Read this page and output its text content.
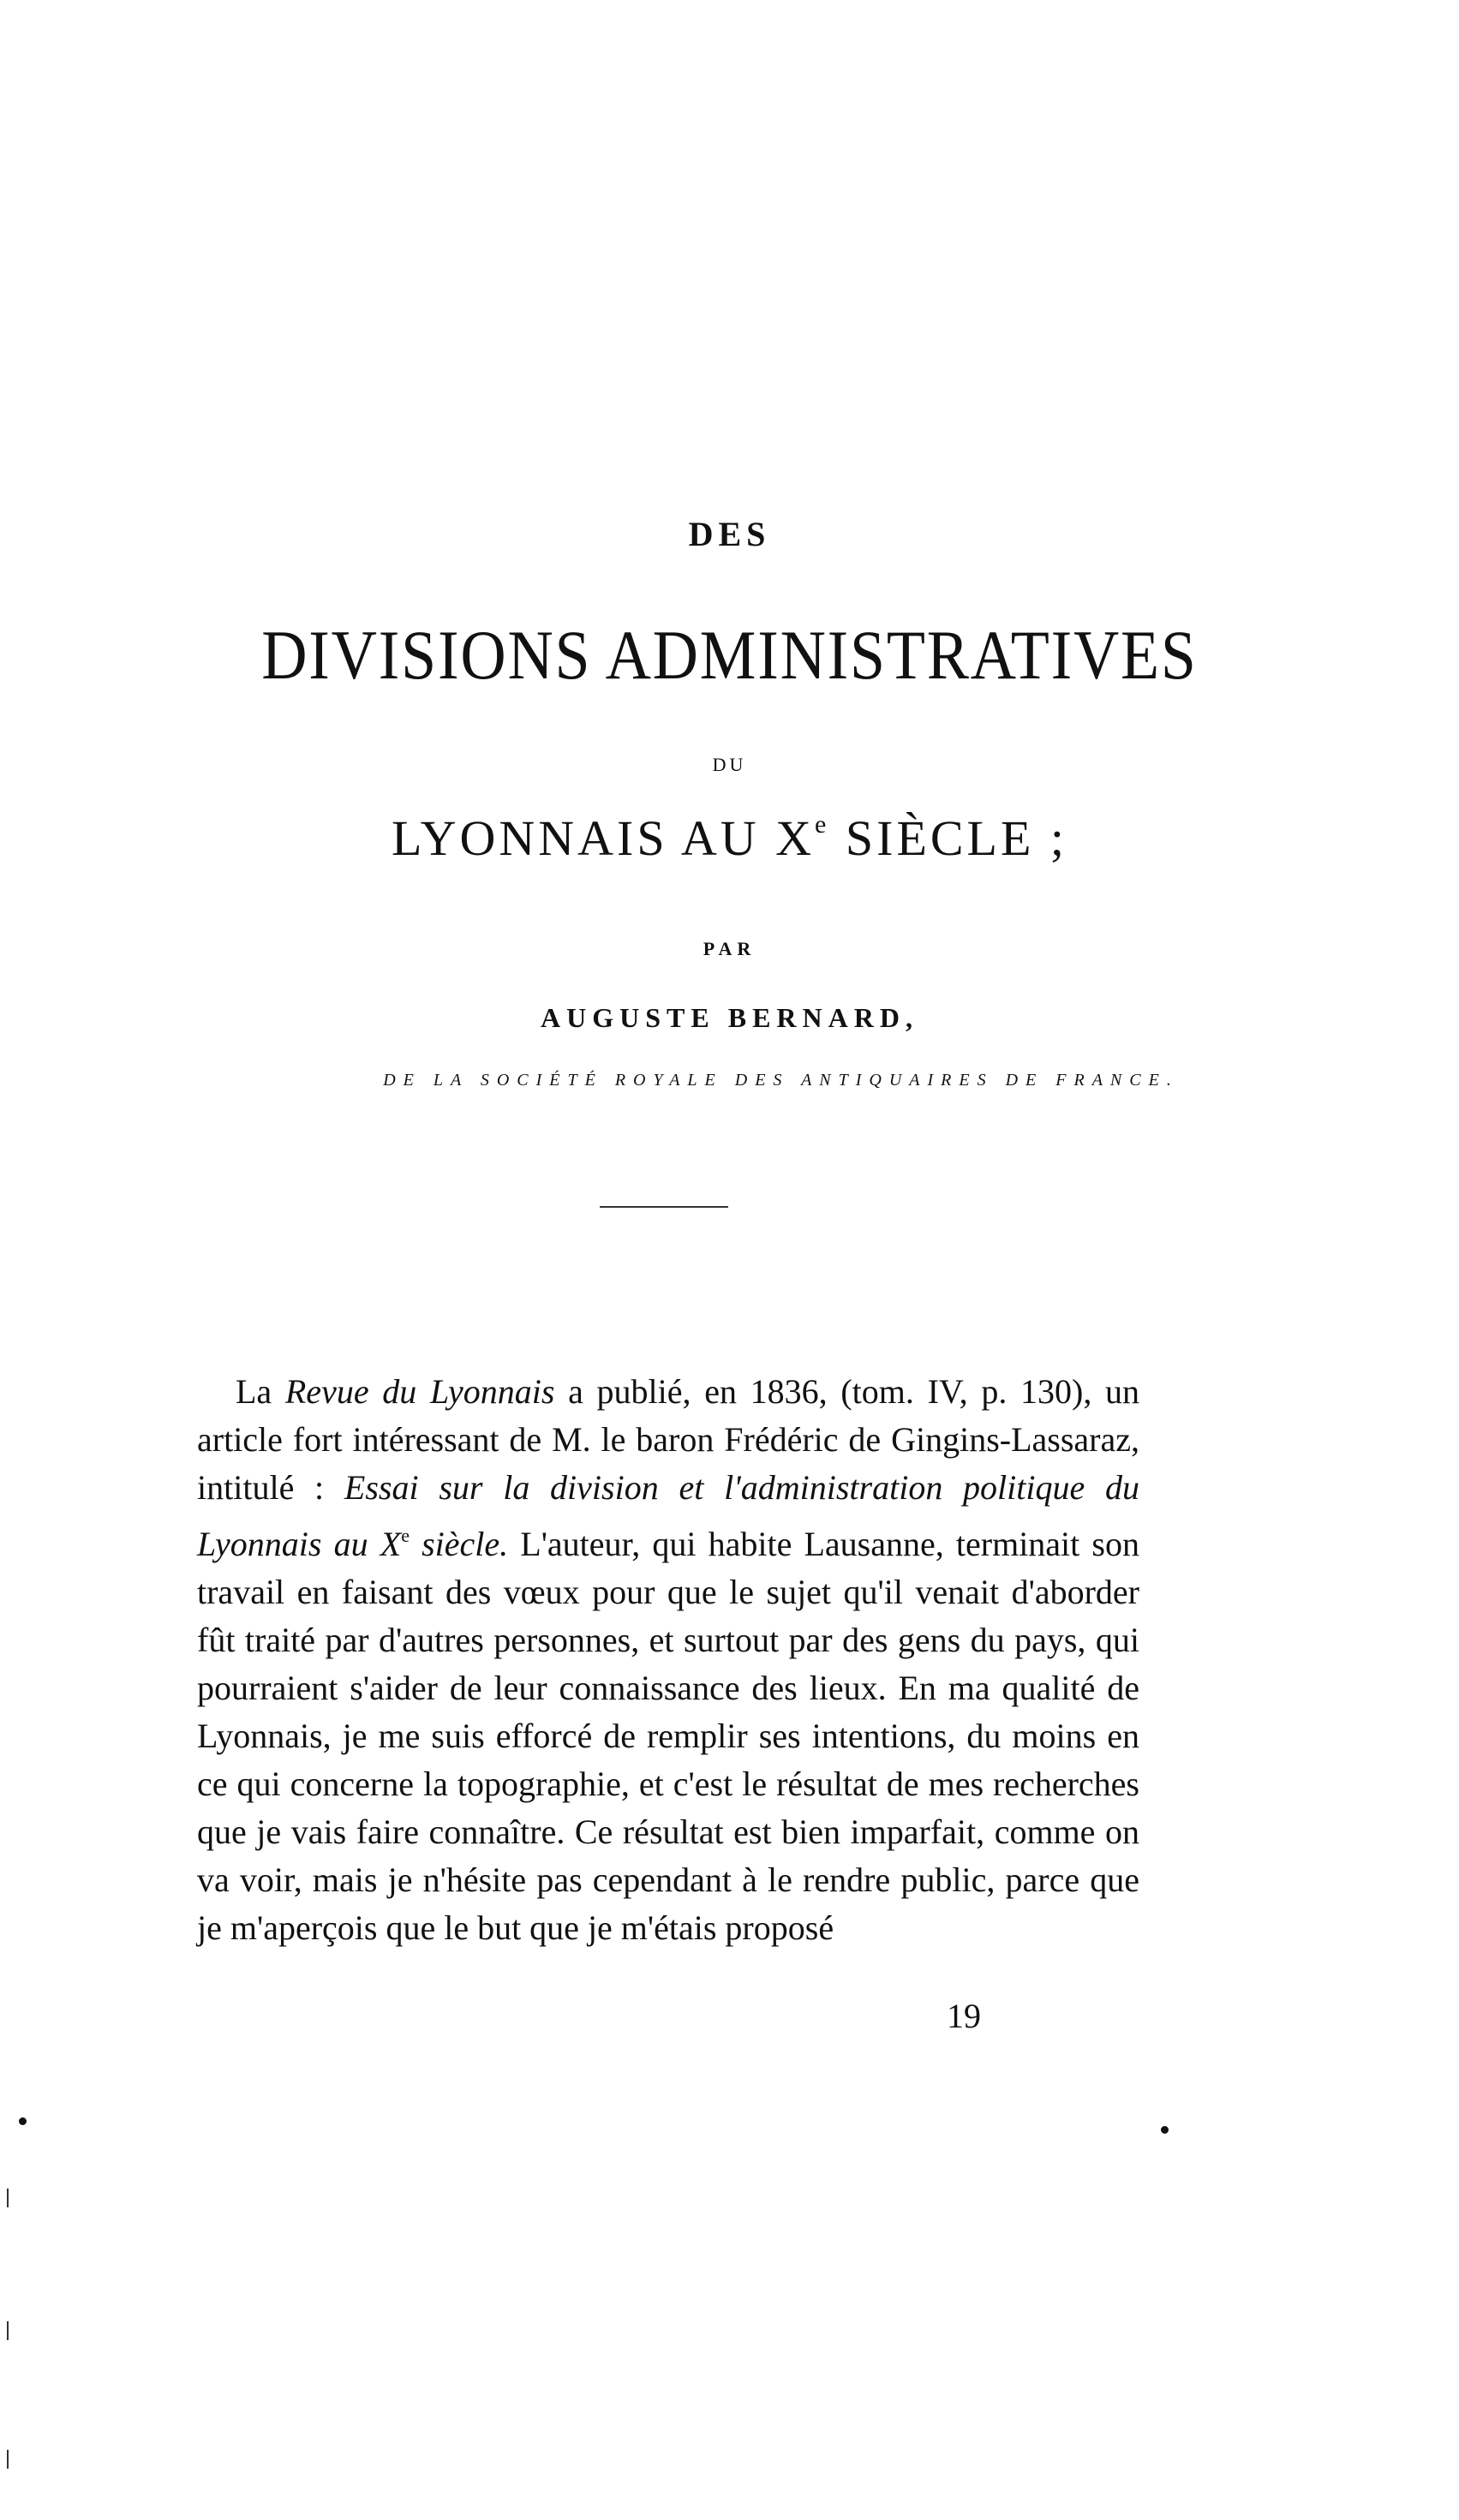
DES
DIVISIONS ADMINISTRATIVES
DU
LYONNAIS AU Xe SIÈCLE ;
PAR
AUGUSTE BERNARD,
DE LA SOCIÉTÉ ROYALE DES ANTIQUAIRES DE FRANCE.
La Revue du Lyonnais a publié, en 1836, (tom. IV, p. 130), un article fort intéressant de M. le baron Frédéric de Gingins-Lassaraz, intitulé : Essai sur la division et l'administration politique du Lyonnais au Xe siècle. L'auteur, qui habite Lausanne, terminait son travail en faisant des vœux pour que le sujet qu'il venait d'aborder fût traité par d'autres personnes, et surtout par des gens du pays, qui pourraient s'aider de leur connaissance des lieux. En ma qualité de Lyonnais, je me suis efforcé de remplir ses intentions, du moins en ce qui concerne la topographie, et c'est le résultat de mes recherches que je vais faire connaître. Ce résultat est bien imparfait, comme on va voir, mais je n'hésite pas cependant à le rendre public, parce que je m'aperçois que le but que je m'étais proposé
19
